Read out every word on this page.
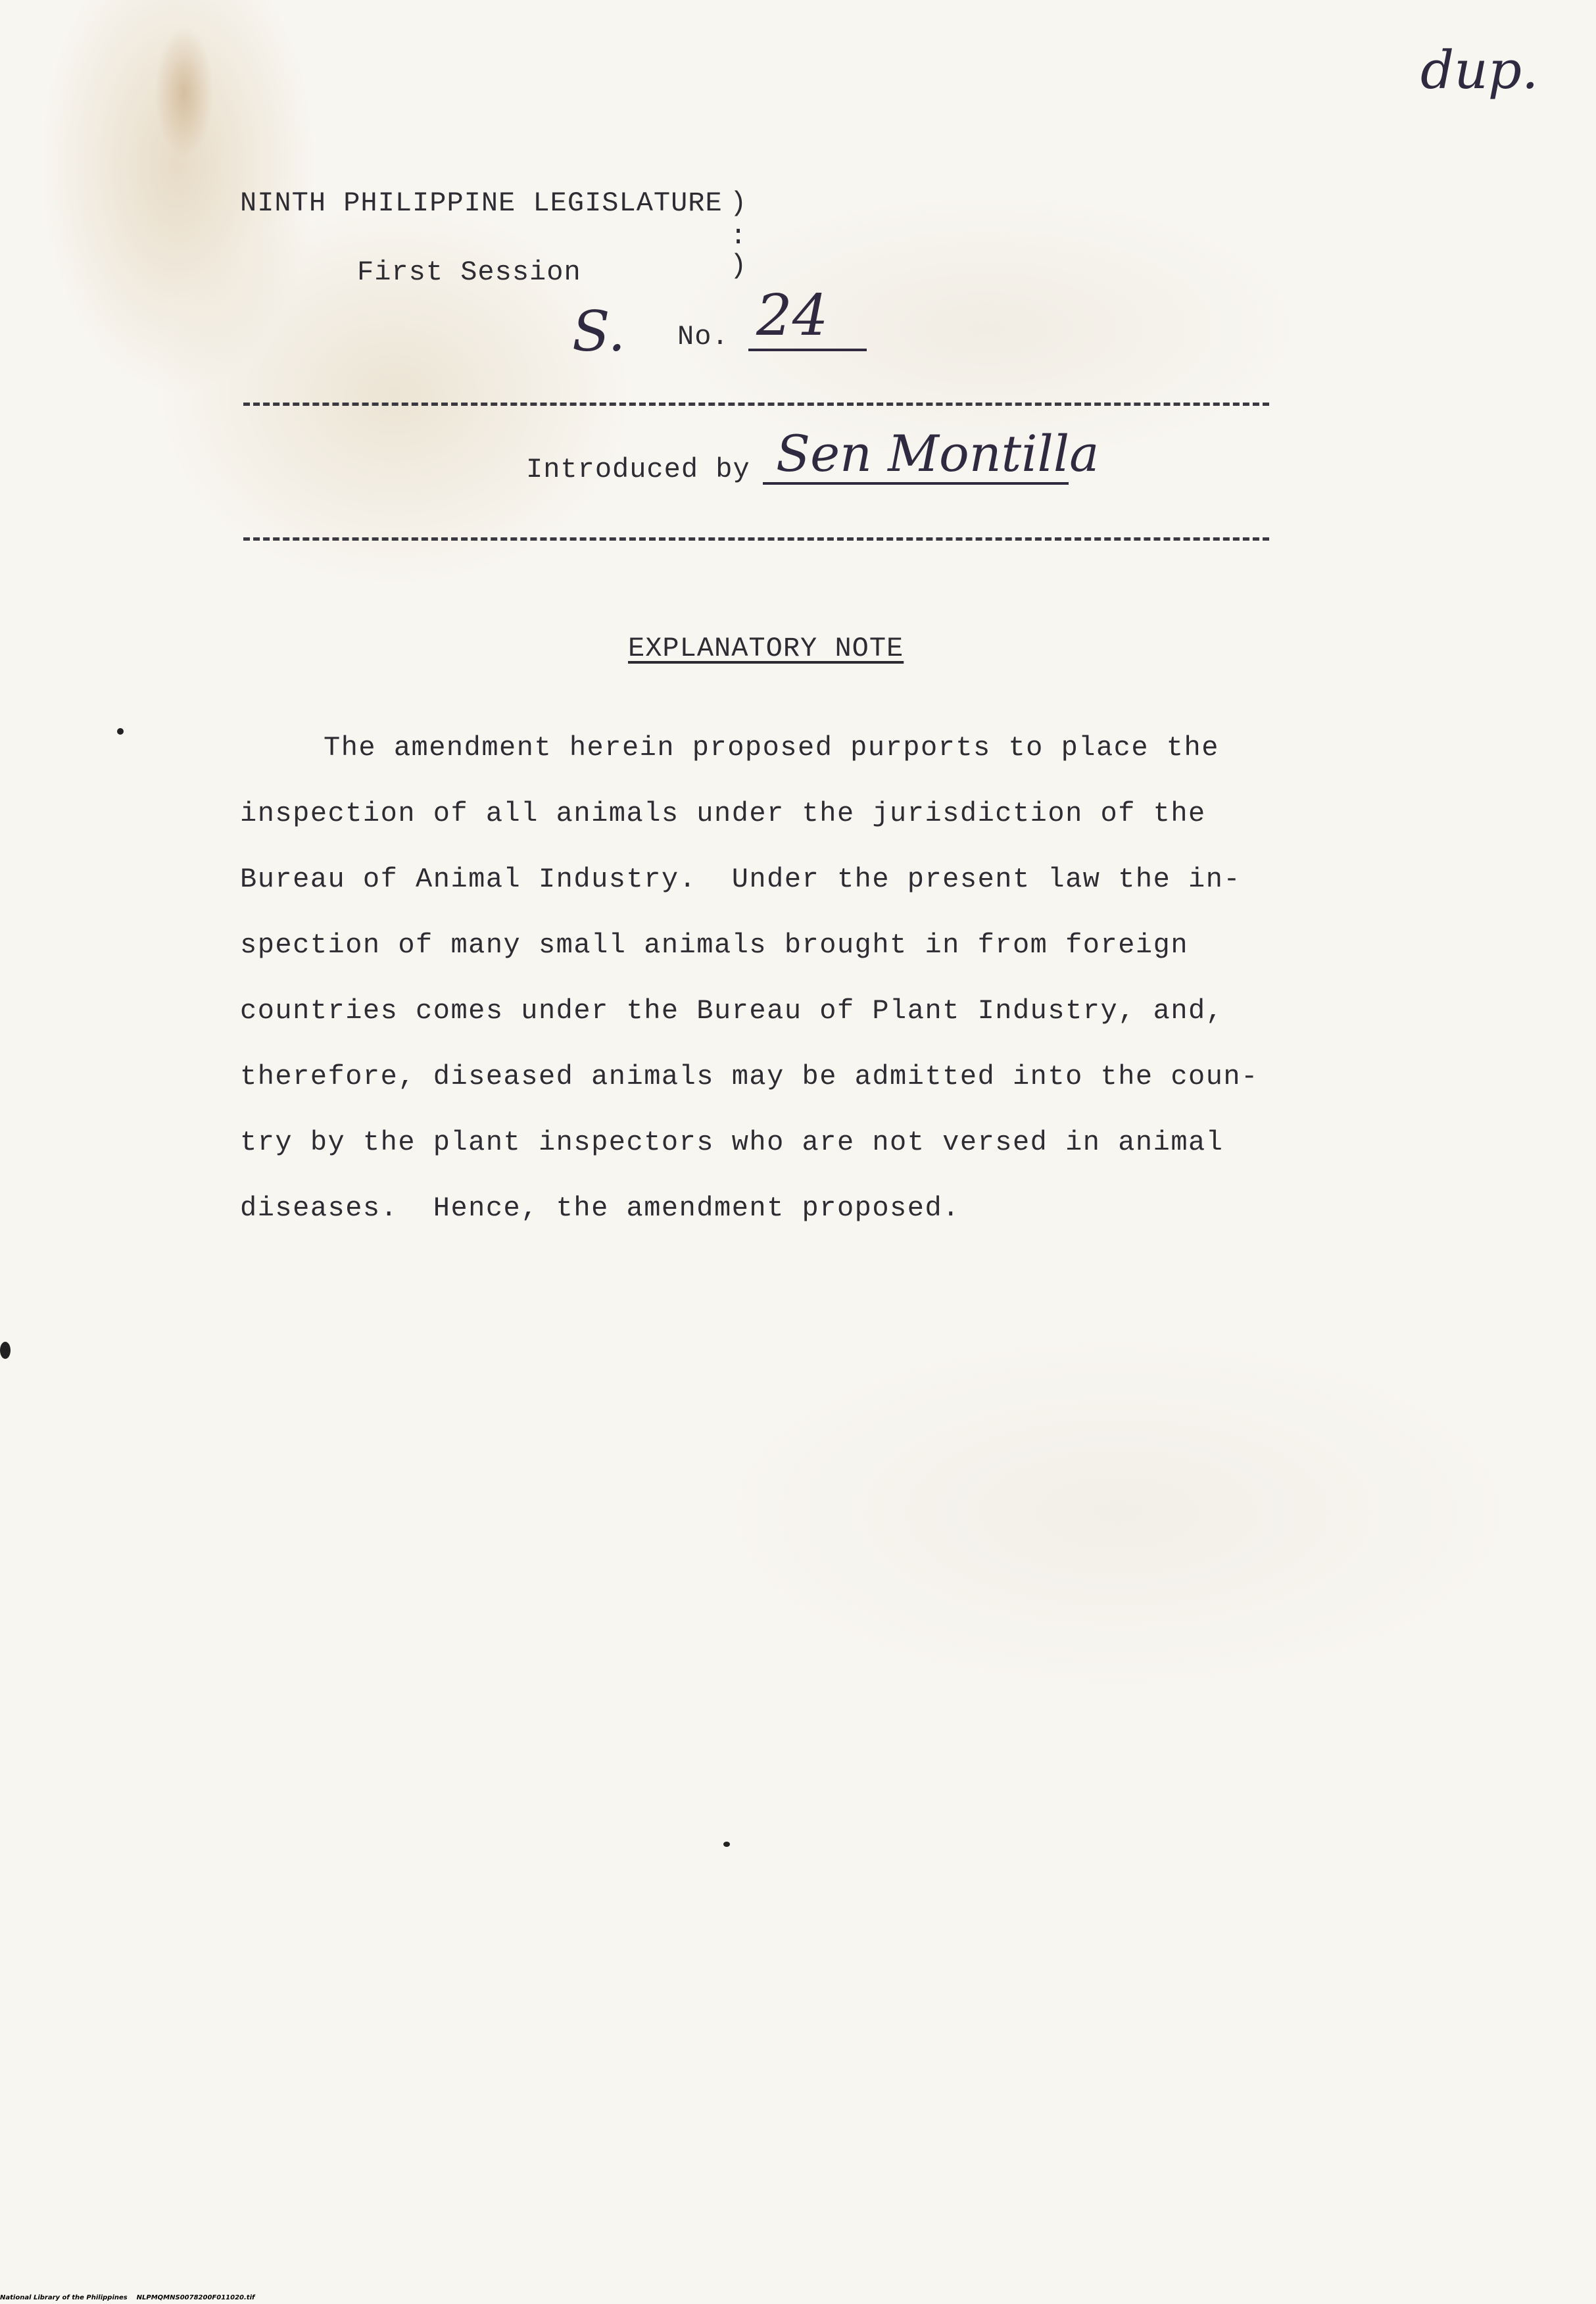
dup.
NINTH PHILIPPINE LEGISLATURE )
:
First Session	)
S. No. 24
Introduced by Sen Montilla
EXPLANATORY NOTE
The amendment herein proposed purports to place the
inspection of all animals under the jurisdiction of the
Bureau of Animal Industry.  Under the present law the in-
spection of many small animals brought in from foreign
countries comes under the Bureau of Plant Industry, and,
therefore, diseased animals may be admitted into the coun-
try by the plant inspectors who are not versed in animal
diseases.  Hence, the amendment proposed.
National Library of the Philippines    NLPMQMNS0078200F011020.tif
